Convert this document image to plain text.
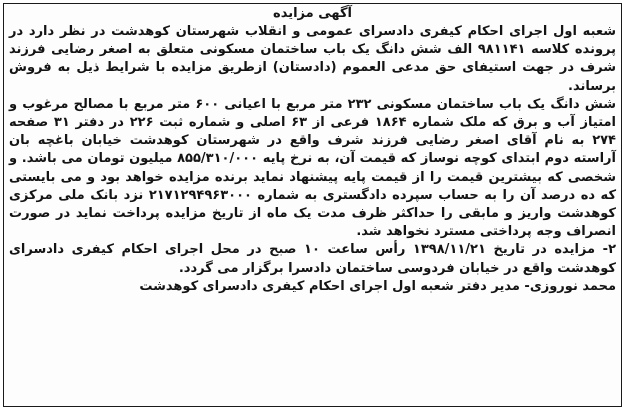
آگهی مزایده

شعبه اول اجرای احکام کیفری دادسرای عمومی و انقلاب شهرستان کوهدشت در نظر دارد در پرونده کلاسه ۹۸۱۱۴۱ الف شش دانگ یک باب ساختمان مسکونی متعلق به اصغر رضایی فرزند شرف در جهت استیفای حق مدعی العموم (دادستان) ازطریق مزایده با شرایط ذیل به فروش برساند.

شش دانگ یک باب ساختمان مسکونی ۲۳۲ متر مربع با اعیانی ۶۰۰ متر مربع با مصالح مرغوب و امتیاز آب و برق که ملک شماره ۱۸۶۴ فرعی از ۶۳ اصلی و شماره ثبت ۲۲۶ در دفتر ۳۱ صفحه ۲۷۴ به نام آقای اصغر رضایی فرزند شرف واقع در شهرستان کوهدشت خیابان باغچه بان آراسته دوم ابتدای کوچه نوساز که قیمت آن، به نرخ پایه ۸۵۵/۳۱۰/۰۰۰ میلیون تومان می باشد. و شخصی که بیشترین قیمت را از قیمت پایه پیشنهاد نماید برنده مزایده خواهد بود و می بایستی که ده درصد آن را به حساب سپرده دادگستری به شماره ۲۱۷۱۲۹۴۹۶۳۰۰۰ نزد بانک ملی مرکزی کوهدشت واریز و مابقی را حداکثر ظرف مدت یک ماه از تاریخ مزایده پرداخت نماید در صورت انصراف وجه پرداختی مسترد نخواهد شد.

۲- مزایده در تاریخ ۱۳۹۸/۱۱/۲۱ رأس ساعت ۱۰ صبح در محل اجرای احکام کیفری دادسرای کوهدشت واقع در خیابان فردوسی ساختمان دادسرا برگزار می گردد.

محمد نوروزی- مدیر دفتر شعبه اول اجرای احکام کیفری دادسرای کوهدشت
